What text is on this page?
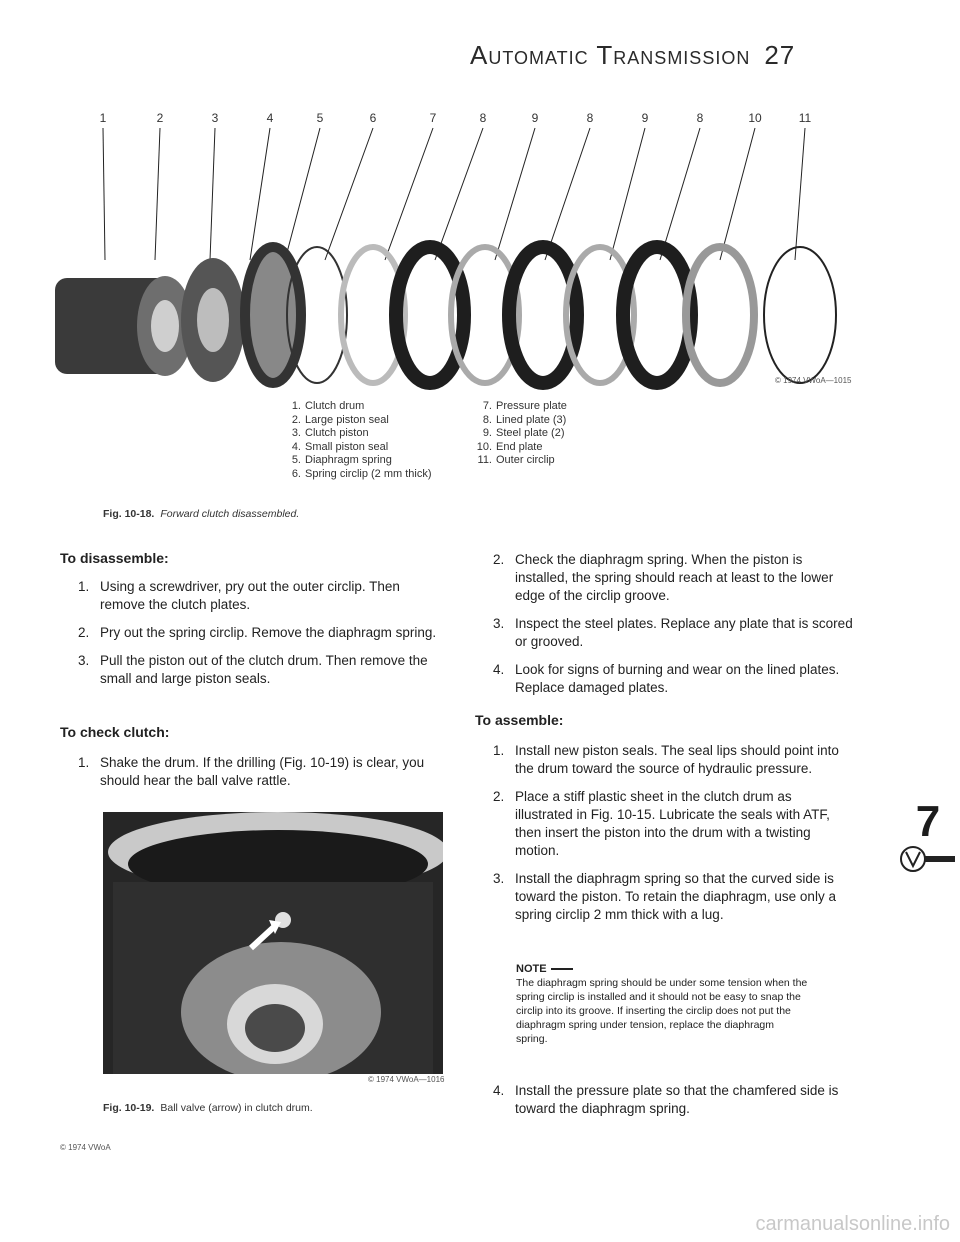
Automatic Transmission 27
1	2	3	4	5	6	7	8	9	8	9	8	10	11
© 1974 VWoA—1015
1. Clutch drum
2. Large piston seal
3. Clutch piston
4. Small piston seal
5. Diaphragm spring
6. Spring circlip (2 mm thick)
7. Pressure plate
8. Lined plate (3)
9. Steel plate (2)
10. End plate
11. Outer circlip
Fig. 10-18. Forward clutch disassembled.
To disassemble:
1. Using a screwdriver, pry out the outer circlip. Then remove the clutch plates.
2. Pry out the spring circlip. Remove the diaphragm spring.
3. Pull the piston out of the clutch drum. Then remove the small and large piston seals.
To check clutch:
1. Shake the drum. If the drilling (Fig. 10-19) is clear, you should hear the ball valve rattle.
© 1974 VWoA—1016
Fig. 10-19. Ball valve (arrow) in clutch drum.
2. Check the diaphragm spring. When the piston is installed, the spring should reach at least to the lower edge of the circlip groove.
3. Inspect the steel plates. Replace any plate that is scored or grooved.
4. Look for signs of burning and wear on the lined plates. Replace damaged plates.
To assemble:
1. Install new piston seals. The seal lips should point into the drum toward the source of hydraulic pressure.
2. Place a stiff plastic sheet in the clutch drum as illustrated in Fig. 10-15. Lubricate the seals with ATF, then insert the piston into the drum with a twisting motion.
3. Install the diaphragm spring so that the curved side is toward the piston. To retain the diaphragm, use only a spring circlip 2 mm thick with a lug.
NOTE
The diaphragm spring should be under some tension when the spring circlip is installed and it should not be easy to snap the circlip into its groove. If inserting the circlip does not put the diaphragm spring under tension, replace the diaphragm spring.
4. Install the pressure plate so that the chamfered side is toward the diaphragm spring.
7
© 1974 VWoA
carmanualsonline.info
